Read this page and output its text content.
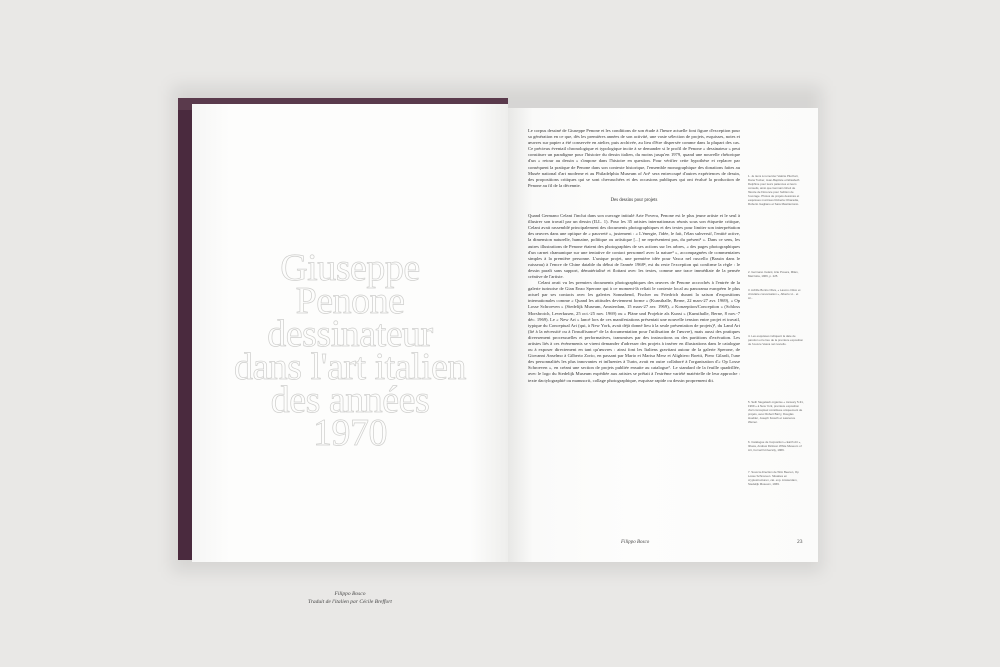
Giuseppe
Penone
dessinateur
dans l'art italien
des années
1970
Filippo Bosco
Traduit de l'italien par Cécile Breffort

Le corpus dessiné de Giuseppe Penone et les conditions de son étude à l'heure actuelle font figure d'exception pour sa génération en ce que, dès les premières années de son activité, une vaste sélection de projets, esquisses, notes et œuvres sur papier a été conservée en atelier, puis archivée, au lieu d'être dispersée comme dans la plupart des cas. Ce précieux éventail chronologique et typologique incite à se demander si le profil de Penone « dessinateur » peut constituer un paradigme pour l'histoire du dessin italien, du moins jusqu'en 1979, quand une nouvelle rhétorique d'un « retour au dessin » s'impose dans l'histoire en question. Pour vérifier cette hypothèse et replacer par conséquent la pratique de Penone dans son contexte historique, l'ensemble monographique des donations faites au Musée national d'art moderne et au Philadelphia Museum of Art¹ sera entrecoupé d'autres expériences de dessin, des propositions critiques qui se sont chevauchées et des occasions publiques qui ont évalué la production de Penone au fil de la décennie.

Des dessins pour projets

Quand Germano Celant l'inclut dans son ouvrage intitulé Arte Povera, Penone est le plus jeune artiste et le seul à illustrer son travail par un dessin (ILL. 1). Pour les 35 artistes internationaux réunis sous son étiquette critique, Celant avait rassemblé principalement des documents photographiques et des textes pour limiter son interprétation des œuvres dans une optique de « pauvreté », justement : « L'énergie, l'idée, le fait, l'élan subversif, l'entité active, la dimension naturelle, humaine, politique ou artistique [...] ne représentent pas, du présent² ». Dans ce sens, les autres illustrations de Penone étaient des photographies de ses actions sur les arbres, « des pages photographiques d'un carnet chamanique sur une tentative de contact personnel avec la nature³ », accompagnées de commentaires simples à la première personne. L'unique projet, une première idée pour Vasca nel ruscello (Bassin dans le ruisseau) à l'encre de Chine datable du début de l'année 1968⁴, est du reste l'exception qui confirme la règle : le dessin paraît sans support, dématérialisé et flottant avec les textes, comme une trace immédiate de la pensée créative de l'artiste.

Celant avait vu les premiers documents photographiques des œuvres de Penone accrochés à l'entrée de la galerie turinoise de Gian Enzo Sperone qui à ce moment-là reliait le contexte local au panorama européen le plus actuel par ses contacts avec les galeries Sonnabend, Fischer ou Friedrich durant la saison d'expositions internationales comme « Quand les attitudes deviennent forme » (Kunsthalle, Berne, 22 mars-27 avr. 1969), « Op Losse Schroeven » (Stedelijk Museum, Amsterdam, 15 mars-27 avr. 1969), « Konzeption/Conception » (Schloss Morsbroich, Leverkusen, 25 oct.-25 nov. 1969) ou « Pläne und Projekte als Kunst » (Kunsthalle, Berne, 8 nov.-7 déc. 1969). Le « New Art » lancé lors de ces manifestations présentait une nouvelle tension entre projet et travail, typique du Conceptual Art (qui, à New York, avait déjà donné lieu à la seule présentation de projets)⁵, du Land Art (lié à la nécessité ou à l'insuffisance⁶ de la documentation pour l'utilisation de l'œuvre), mais aussi des pratiques diversement processuelles et performatives, transmises par des instructions ou des partitions d'exécution. Les artistes liés à ces événements se virent demander d'adresser des projets à insérer en illustrations dans le catalogue ou à exposer directement en tant qu'œuvres : ainsi font les Italiens gravitant autour de la galerie Sperone, de Giovanni Anselmo à Gilberto Zorio, en passant par Mario et Marisa Merz et Alighiero Boetti, Piero Gilardi, l'une des personnalités les plus innovantes et influentes à Turin, avait en outre collaboré à l'organisation d'« Op Losse Schroeven », en créant une section de projets publiée ensuite au catalogue⁷. Le standard de la feuille quadrillée, avec le logo du Stedelijk Museum expédiée aux artistes se prêtait à l'extrême variété matérielle de leur approche : texte dactylographié ou manuscrit, collage photographique, esquisse rapide ou dessin proprement dit.

1. Je tiens à remercier Valérie Pluchart, Dana Tucker, Jean-Baptiste et Elisabeth Delphine pour leurs patiences et leurs conseils, ainsi que Germain Gheit de l'Ecole de Florence pour l'édition de l'ouvrage. Photos de projets dessinés et esquisses montrées Roberta Chiaradia, Roberto Gagliano et Sara Mastrantonio.
2. Germano Celant, Arte Povera, Milan, Mazzotta, 1969, p. 225.
3. Achille Bonito Oliva, « Lavoro critico et circulaire conversation », Alberto H... et Ar...
4. Les esquisses indiquent la date de parution et le lieu de la première exposition de l'œuvre Vasca nel ruscello.
5. Seth Siegelaub organise « January 5-31, 1969 » à New York, première exposition d'art conceptuel constituée uniquement de projets, avec Robert Barry, Douglas Huebler, Joseph Kosuth et Lawrence Weiner.
6. Catalogue de l'exposition « Earth Art », Ithaca, Andrew Dickson White Museum of Art, Cornell University, 1969.
7. Sous la direction de Wim Beeren, Op Losse Schroeven. Situaties en cryptostructuren, cat. exp. Amsterdam, Stedelijk Museum, 1969.
Filippo Bosco	23
